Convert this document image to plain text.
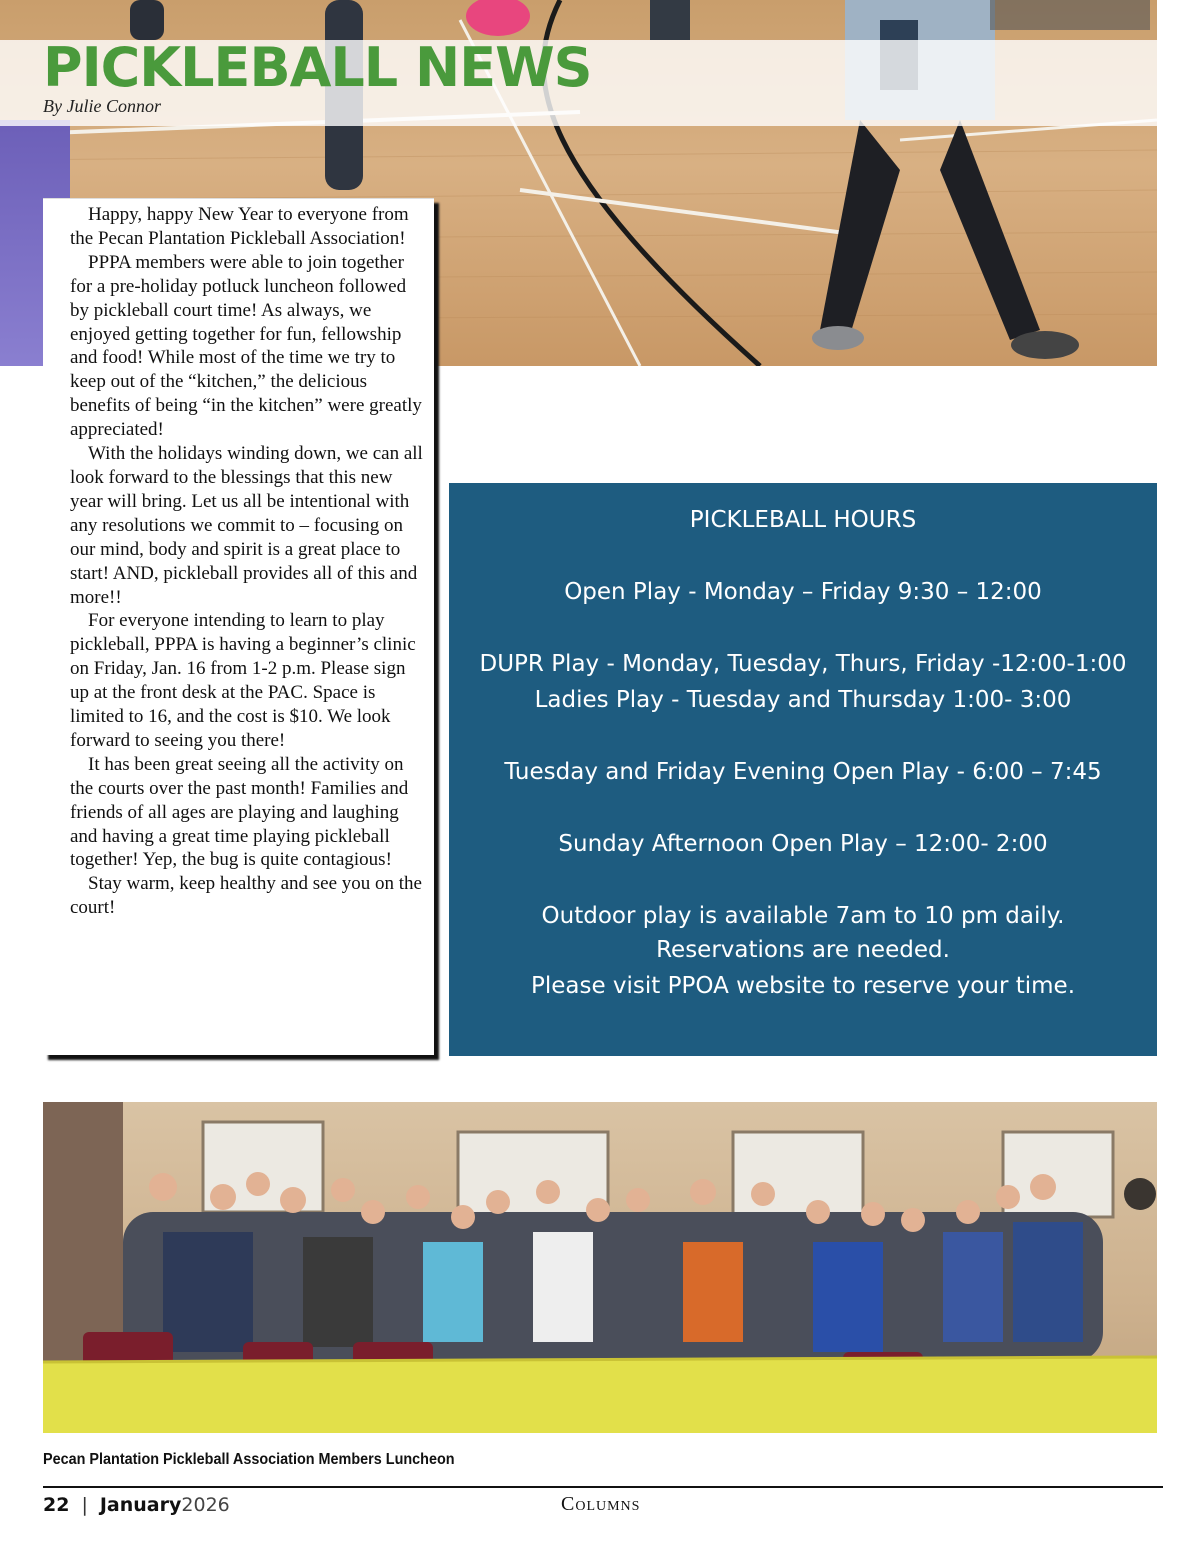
PICKLEBALL NEWS
By Julie Connor

Happy, happy New Year to everyone from the Pecan Plantation Pickleball Association!

PPPA members were able to join together for a pre-holiday potluck luncheon followed by pickleball court time! As always, we enjoyed getting together for fun, fellowship and food! While most of the time we try to keep out of the “kitchen,” the delicious benefits of being “in the kitchen” were greatly appreciated!

With the holidays winding down, we can all look forward to the blessings that this new year will bring. Let us all be intentional with any resolutions we commit to – focusing on our mind, body and spirit is a great place to start! AND, pickleball provides all of this and more!!

For everyone intending to learn to play pickleball, PPPA is having a beginner’s clinic on Friday, Jan. 16 from 1-2 p.m. Please sign up at the front desk at the PAC. Space is limited to 16, and the cost is $10. We look forward to seeing you there!

It has been great seeing all the activity on the courts over the past month! Families and friends of all ages are playing and laughing and having a great time playing pickleball together! Yep, the bug is quite contagious!

Stay warm, keep healthy and see you on the court!

PICKLEBALL HOURS
Open Play - Monday – Friday 9:30 – 12:00
DUPR Play - Monday, Tuesday, Thurs, Friday -12:00-1:00
Ladies Play - Tuesday and Thursday 1:00- 3:00
Tuesday and Friday Evening Open Play - 6:00 – 7:45
Sunday Afternoon Open Play – 12:00- 2:00
Outdoor play is available 7am to 10 pm daily.
Reservations are needed.
Please visit PPOA website to reserve your time.
Pecan Plantation Pickleball Association Members Luncheon
22 | January2026	Columns
